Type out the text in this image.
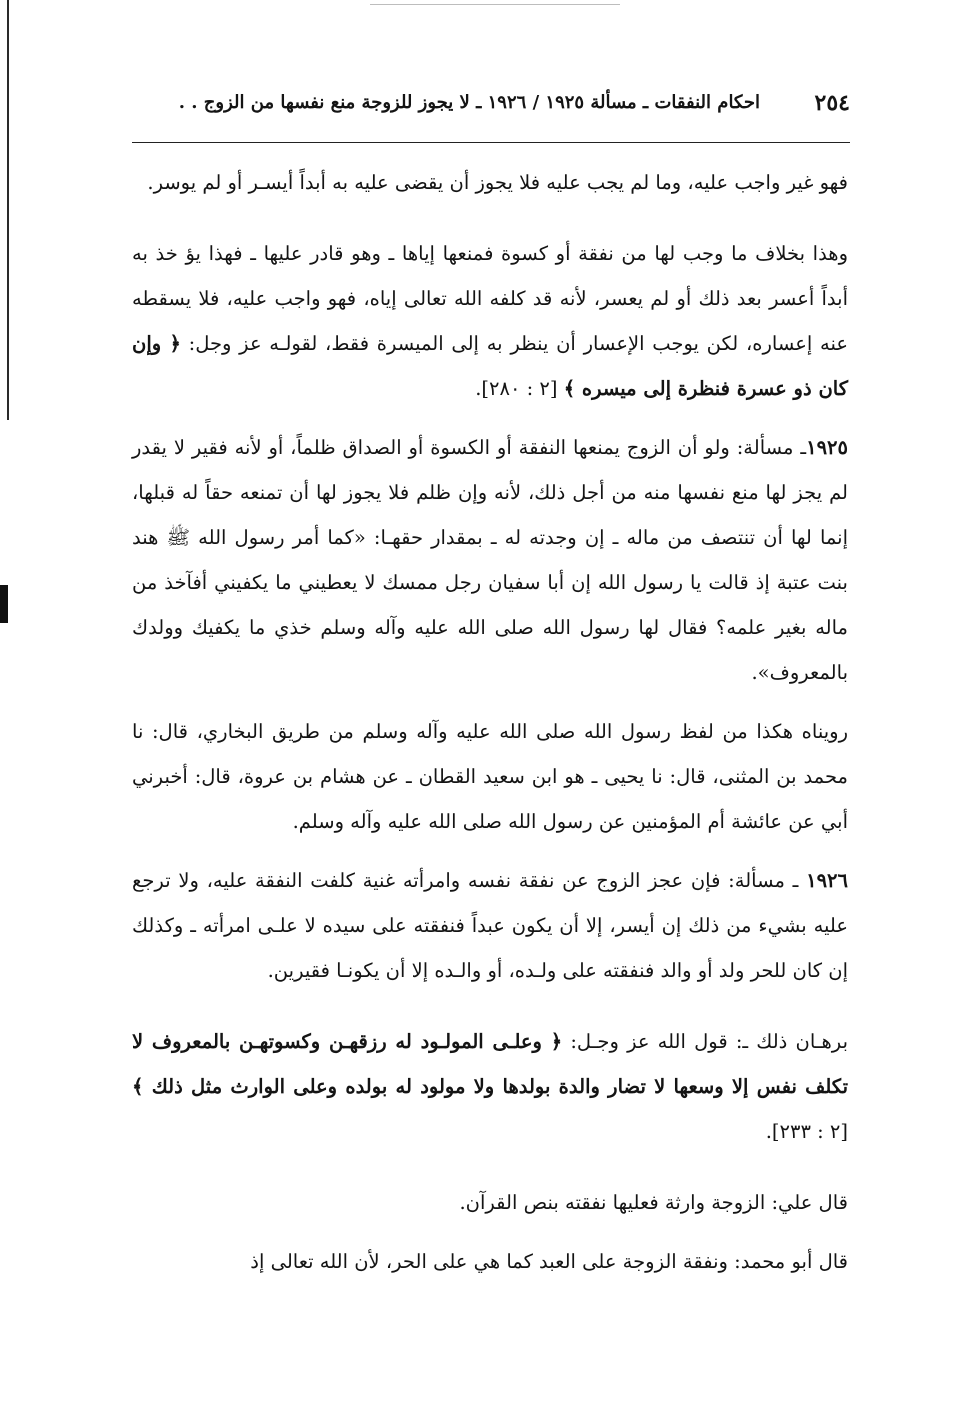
٢٥٤
احكام النفقات ـ مسألة ١٩٢٥ / ١٩٢٦ ـ لا يجوز للزوجة منع نفسها من الزوج . .

فهو غير واجب عليه، وما لم يجب عليه فلا يجوز أن يقضى عليه به أبداً أيسـر أو لم يوسر.

وهذا بخلاف ما وجب لها من نفقة أو كسوة فمنعها إياها ـ وهو قادر عليها ـ فهذا يؤ خذ به أبداً أعسر بعد ذلك أو لم يعسر، لأنه قد كلفه الله تعالى إياه، فهو واجب عليه، فلا يسقطه عنه إعساره، لكن يوجب الإعسار أن ينظر به إلى الميسرة فقط، لقولـه عز وجل: ﴿ وإن كان ذو عسرة فنظرة إلى ميسره ﴾ [٢ : ٢٨٠].

١٩٢٥ـ مسألة: ولو أن الزوج يمنعها النفقة أو الكسوة أو الصداق ظلماً، أو لأنه فقير لا يقدر لم يجز لها منع نفسها منه من أجل ذلك، لأنه وإن ظلم فلا يجوز لها أن تمنعه حقاً له قبلها، إنما لها أن تنتصف من ماله ـ إن وجدته له ـ بمقدار حقهـا: «كما أمر رسول الله ﷺ هند بنت عتبة إذ قالت يا رسول الله إن أبا سفيان رجل ممسك لا يعطيني ما يكفيني أفآخذ من ماله بغير علمه؟ فقال لها رسول الله صلى الله عليه وآله وسلم خذي ما يكفيك وولدك بالمعروف».

رويناه هكذا من لفظ رسول الله صلى الله عليه وآله وسلم من طريق البخاري، قال: نا محمد بن المثنى، قال: نا يحيى ـ هو ابن سعيد القطان ـ عن هشام بن عروة، قال: أخبرني أبي عن عائشة أم المؤمنين عن رسول الله صلى الله عليه وآله وسلم.

١٩٢٦ ـ مسألة: فإن عجز الزوج عن نفقة نفسه وامرأته غنية كلفت النفقة عليه، ولا ترجع عليه بشيء من ذلك إن أيسر، إلا أن يكون عبداً فنفقته على سيده لا علـى امرأته ـ وكذلك إن كان للحر ولد أو والد فنفقته على ولـده، أو والـده إلا أن يكونـا فقيرين.

برهـان ذلك ـ: قول الله عز وجـل: ﴿ وعلـى المولـود له رزقهـن وكسوتهـن بالمعروف لا تكلف نفس إلا وسعها لا تضار والدة بولدها ولا مولود له بولده وعلى الوارث مثل ذلك ﴾ [٢ : ٢٣٣].

قال علي: الزوجة وارثة فعليها نفقته بنص القرآن.

قال أبو محمد: ونفقة الزوجة على العبد كما هي على الحر، لأن الله تعالى إذ
